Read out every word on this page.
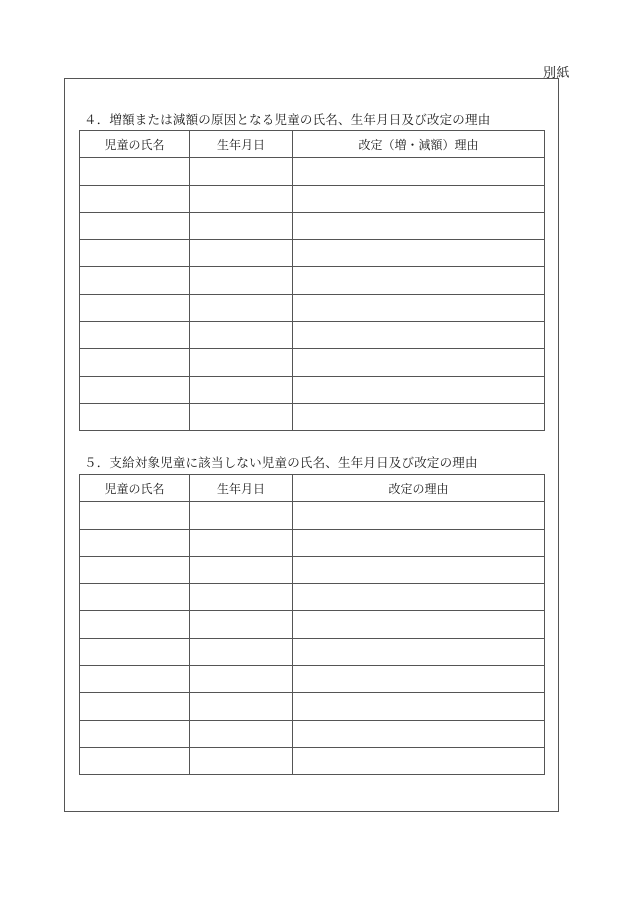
別紙
４．増額または減額の原因となる児童の氏名、生年月日及び改定の理由
児童の氏名	生年月日	改定（増・減額）理由

５．支給対象児童に該当しない児童の氏名、生年月日及び改定の理由
児童の氏名	生年月日	改定の理由
